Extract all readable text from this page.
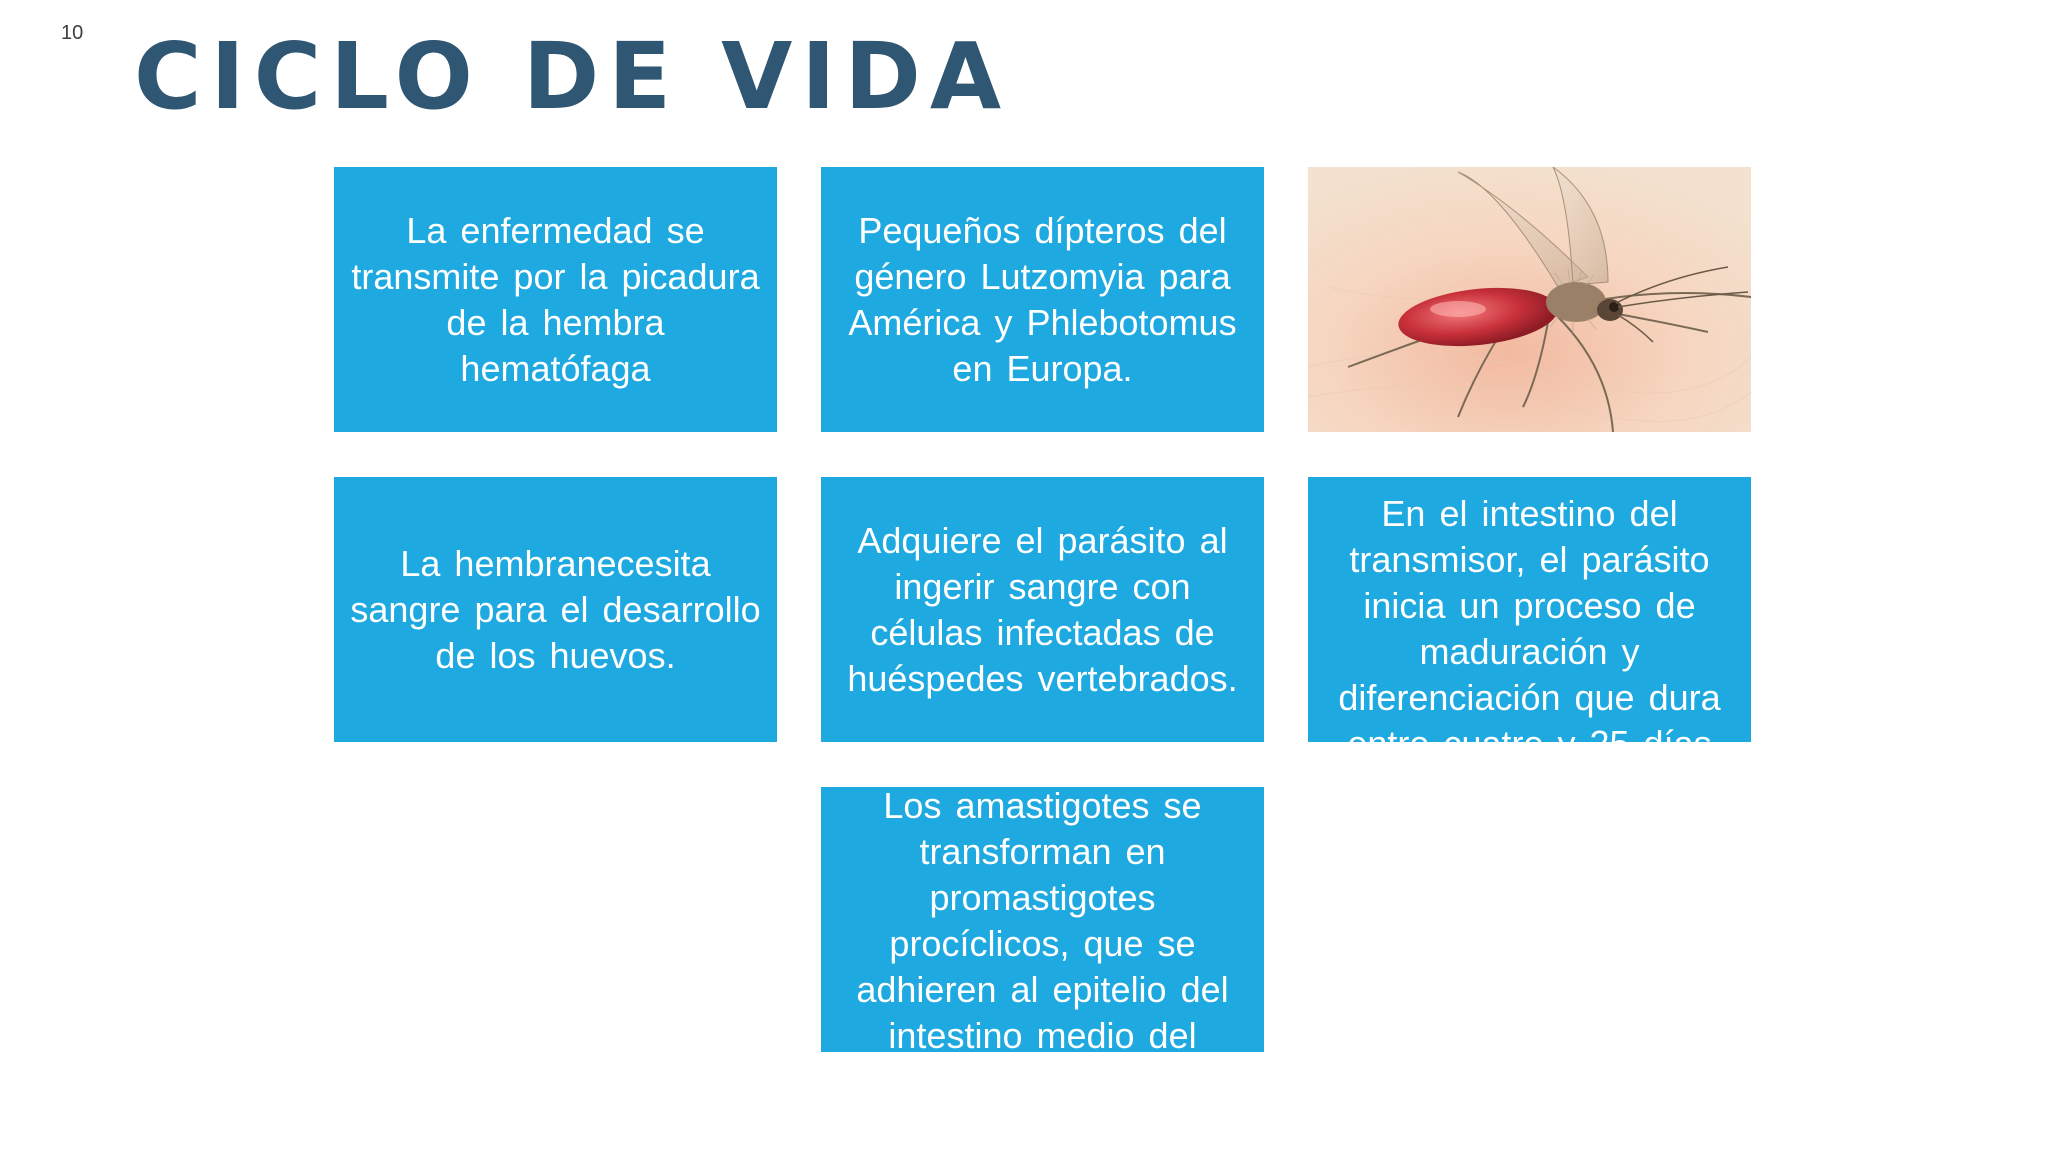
10 CICLO DE VIDA
La enfermedad se transmite por la picadura de la hembra hematófaga
Pequeños dípteros del género Lutzomyia para América y Phlebotomus en Europa.
La hembranecesita sangre para el desarrollo de los huevos.
Adquiere el parásito al ingerir sangre con células infectadas de huéspedes vertebrados.
En el intestino del transmisor, el parásito inicia un proceso de maduración y diferenciación que dura entre cuatro y 25 días
Los amastigotes se transforman en promastigotes procíclicos, que se adhieren al epitelio del intestino medio del
